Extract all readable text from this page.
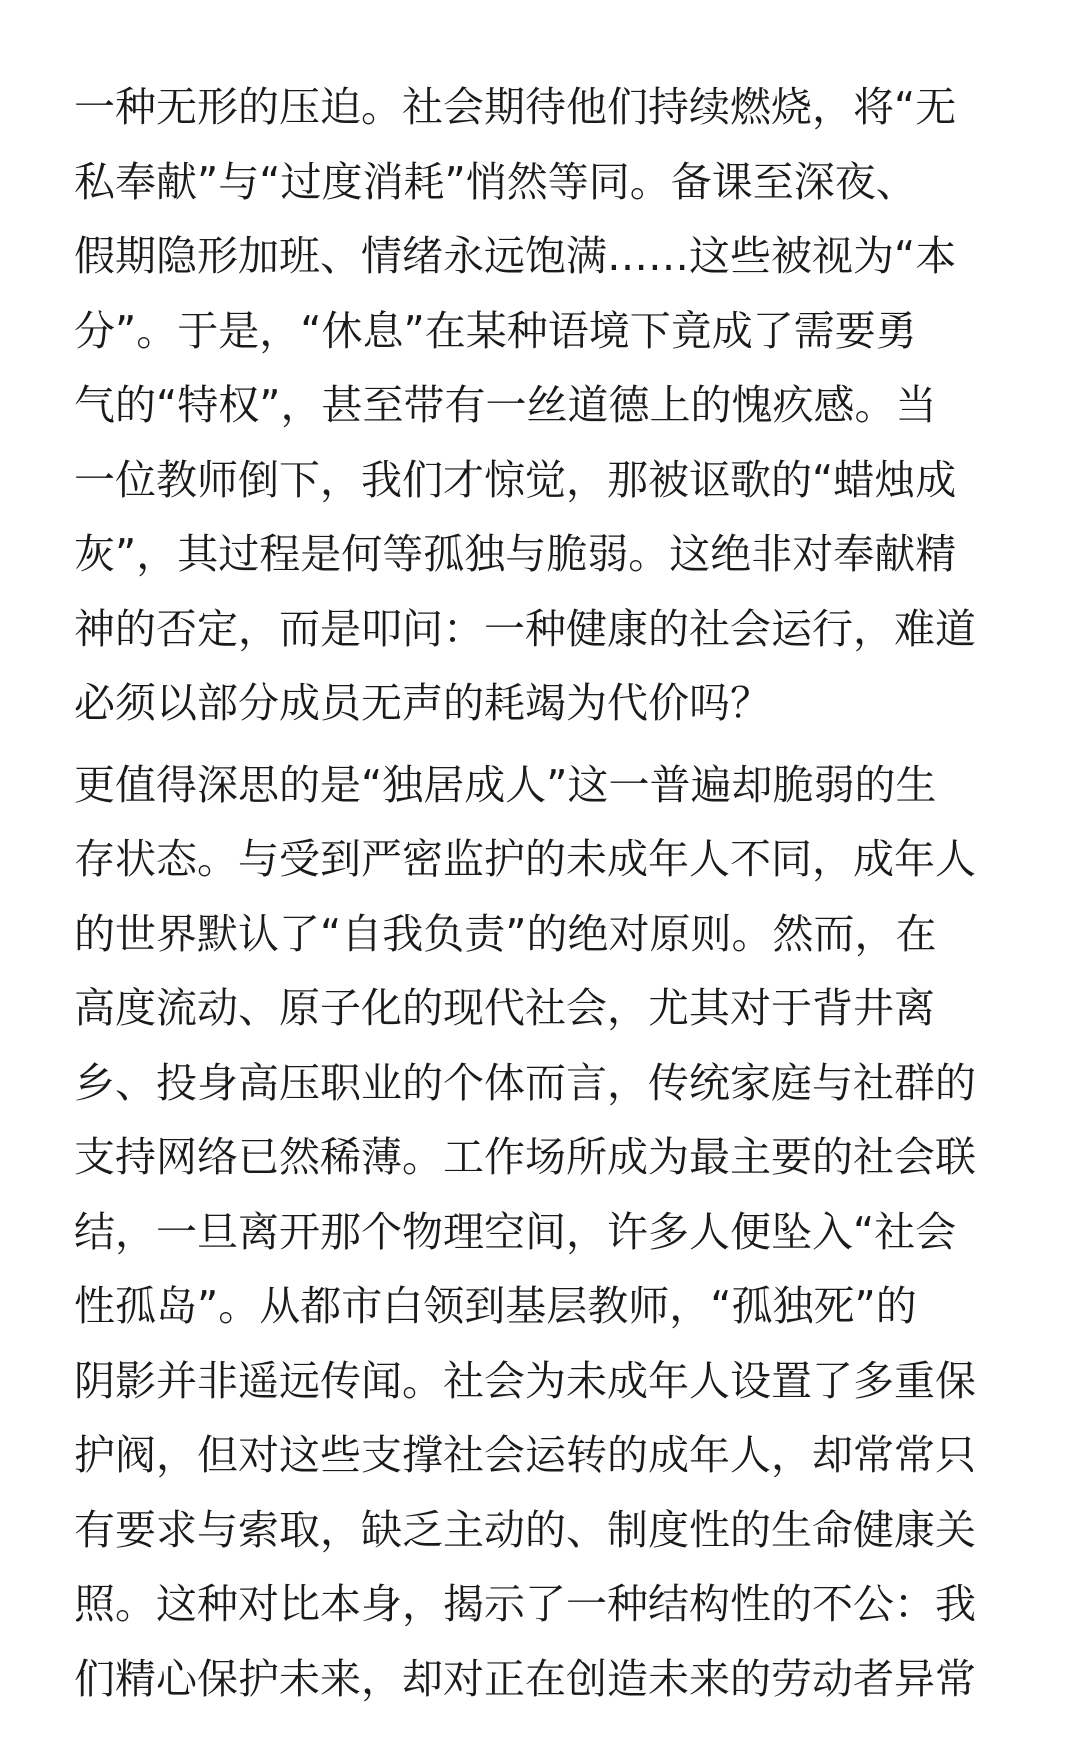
一种无形的压迫。社会期待他们持续燃烧，将“无
私奉献”与“过度消耗”悄然等同。备课至深夜、
假期隐形加班、情绪永远饱满……这些被视为“本
分”。于是，“休息”在某种语境下竟成了需要勇
气的“特权”，甚至带有一丝道德上的愧疚感。当
一位教师倒下，我们才惊觉，那被讴歌的“蜡烛成
灰”，其过程是何等孤独与脆弱。这绝非对奉献精
神的否定，而是叩问：一种健康的社会运行，难道
必须以部分成员无声的耗竭为代价吗？
更值得深思的是“独居成人”这一普遍却脆弱的生
存状态。与受到严密监护的未成年人不同，成年人
的世界默认了“自我负责”的绝对原则。然而，在
高度流动、原子化的现代社会，尤其对于背井离
乡、投身高压职业的个体而言，传统家庭与社群的
支持网络已然稀薄。工作场所成为最主要的社会联
结，一旦离开那个物理空间，许多人便坠入“社会
性孤岛”。从都市白领到基层教师，“孤独死”的
阴影并非遥远传闻。社会为未成年人设置了多重保
护阀，但对这些支撑社会运转的成年人，却常常只
有要求与索取，缺乏主动的、制度性的生命健康关
照。这种对比本身，揭示了一种结构性的不公：我
们精心保护未来，却对正在创造未来的劳动者异常
